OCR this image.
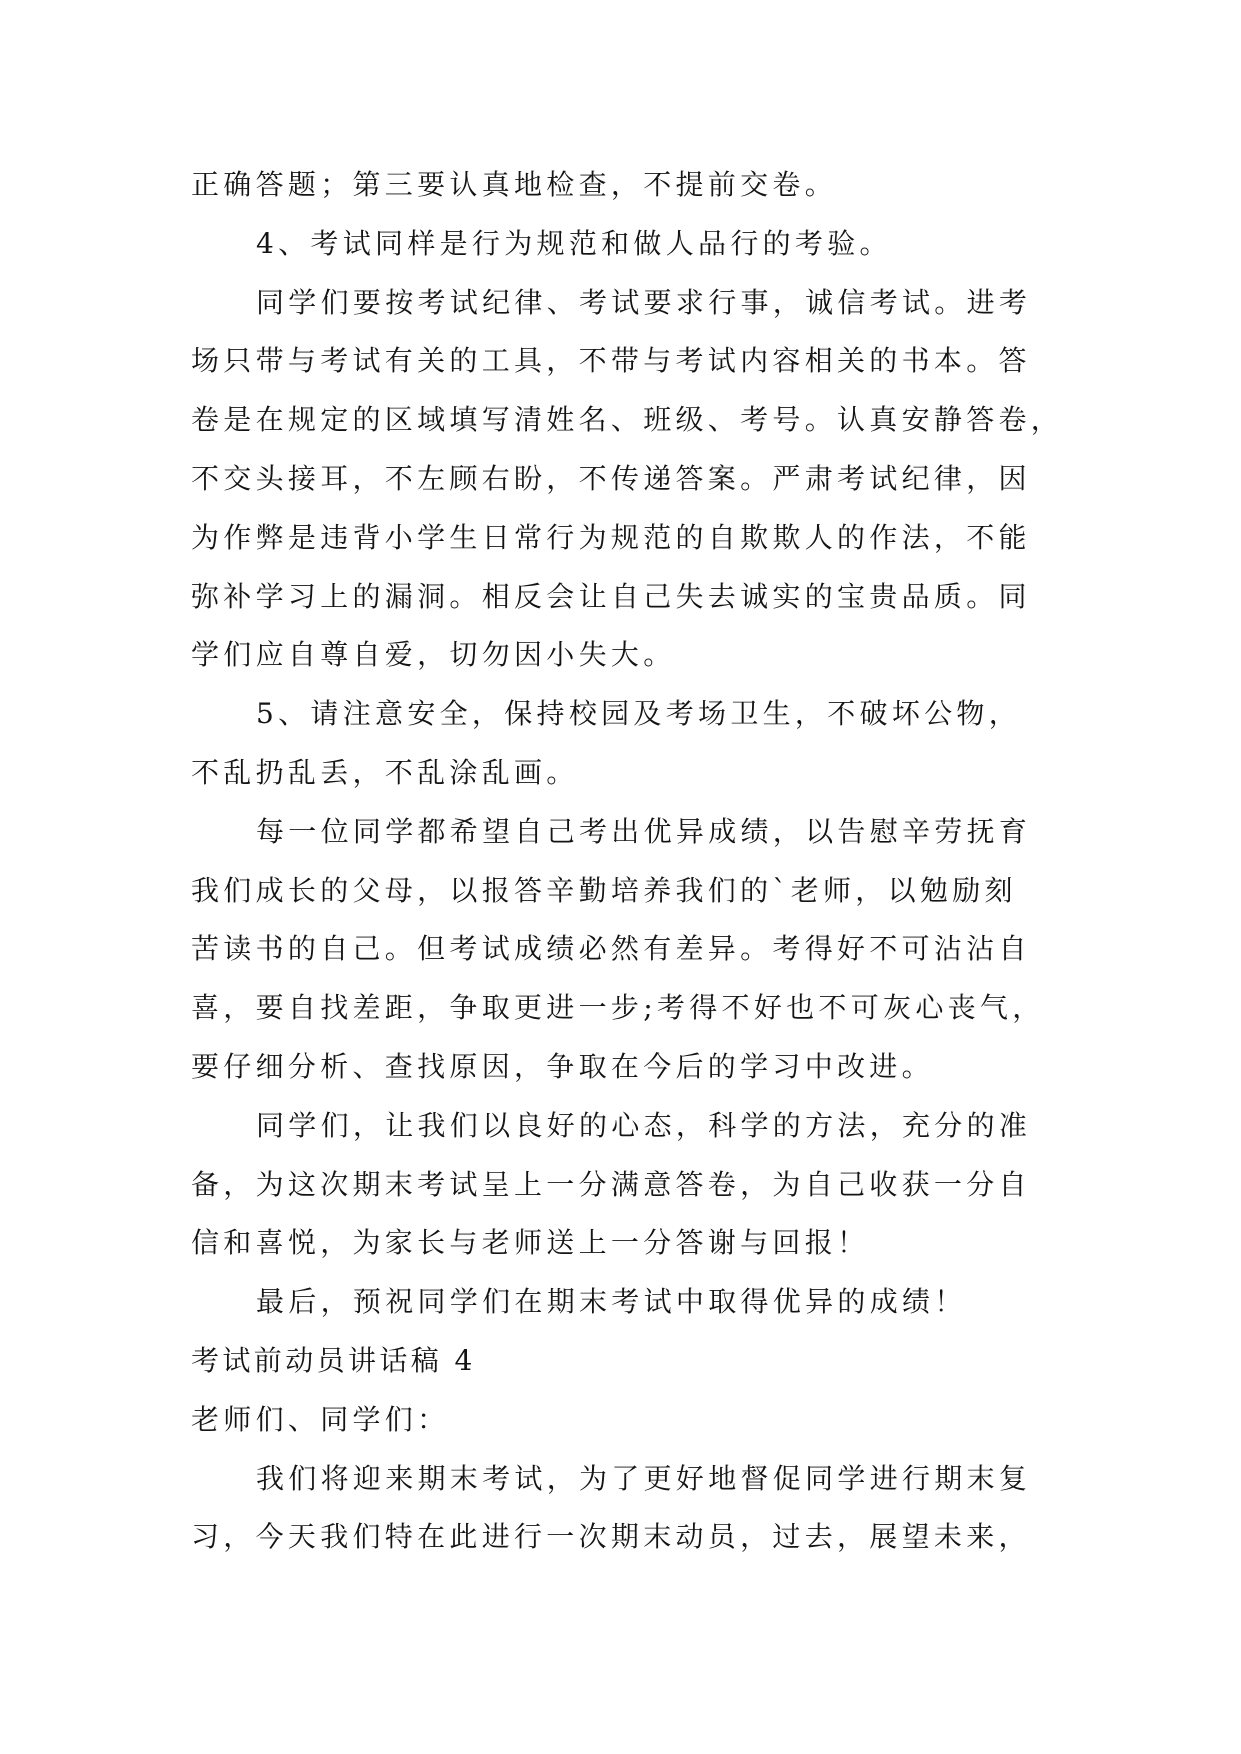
正确答题；第三要认真地检查，不提前交卷。
4、考试同样是行为规范和做人品行的考验。
同学们要按考试纪律、考试要求行事，诚信考试。进考
场只带与考试有关的工具，不带与考试内容相关的书本。答
卷是在规定的区域填写清姓名、班级、考号。认真安静答卷，
不交头接耳，不左顾右盼，不传递答案。严肃考试纪律，因
为作弊是违背小学生日常行为规范的自欺欺人的作法，不能
弥补学习上的漏洞。相反会让自己失去诚实的宝贵品质。同
学们应自尊自爱，切勿因小失大。
5、请注意安全，保持校园及考场卫生，不破坏公物，
不乱扔乱丢，不乱涂乱画。
每一位同学都希望自己考出优异成绩，以告慰辛劳抚育
我们成长的父母，以报答辛勤培养我们的`老师，以勉励刻
苦读书的自己。但考试成绩必然有差异。考得好不可沾沾自
喜，要自找差距，争取更进一步;考得不好也不可灰心丧气，
要仔细分析、查找原因，争取在今后的学习中改进。
同学们，让我们以良好的心态，科学的方法，充分的准
备，为这次期末考试呈上一分满意答卷，为自己收获一分自
信和喜悦，为家长与老师送上一分答谢与回报！
最后，预祝同学们在期末考试中取得优异的成绩！
考试前动员讲话稿 4
老师们、同学们：
我们将迎来期末考试，为了更好地督促同学进行期末复
习，今天我们特在此进行一次期末动员，过去，展望未来，
